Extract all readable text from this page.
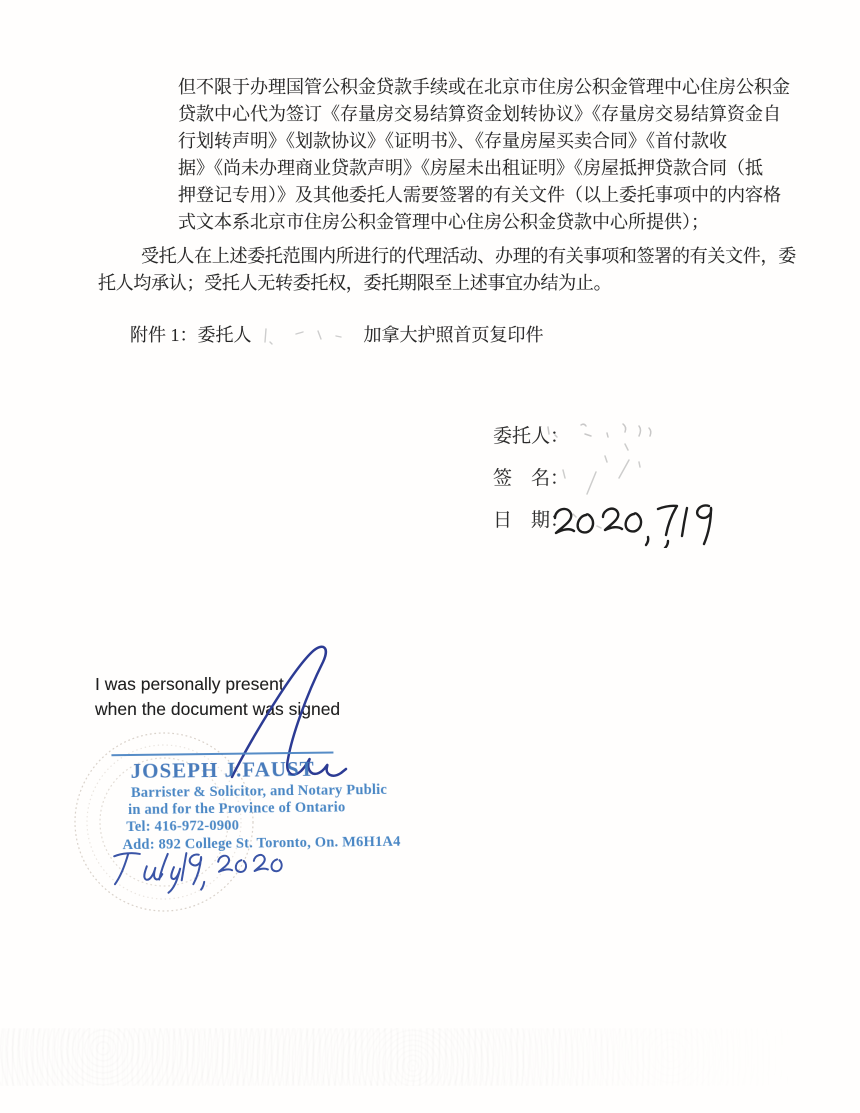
但不限于办理国管公积金贷款手续或在北京市住房公积金管理中心住房公积金
贷款中心代为签订《存量房交易结算资金划转协议》《存量房交易结算资金自
行划转声明》《划款协议》《证明书》、《存量房屋买卖合同》《首付款收
据》《尚未办理商业贷款声明》《房屋未出租证明》《房屋抵押贷款合同（抵
押登记专用）》及其他委托人需要签署的有关文件（以上委托事项中的内容格
式文本系北京市住房公积金管理中心住房公积金贷款中心所提供）；
受托人在上述委托范围内所进行的代理活动、办理的有关事项和签署的有关文件，委
托人均承认；受托人无转委托权，委托期限至上述事宜办结为止。
附件 1：委托人	加拿大护照首页复印件
委托人：
签　名：
日　期：
I was personally present
when the document was signed
JOSEPH J.FAUST
Barrister & Solicitor, and Notary Public
in and for the Province of Ontario
Tel: 416-972-0900
Add: 892 College St. Toronto, On. M6H1A4
